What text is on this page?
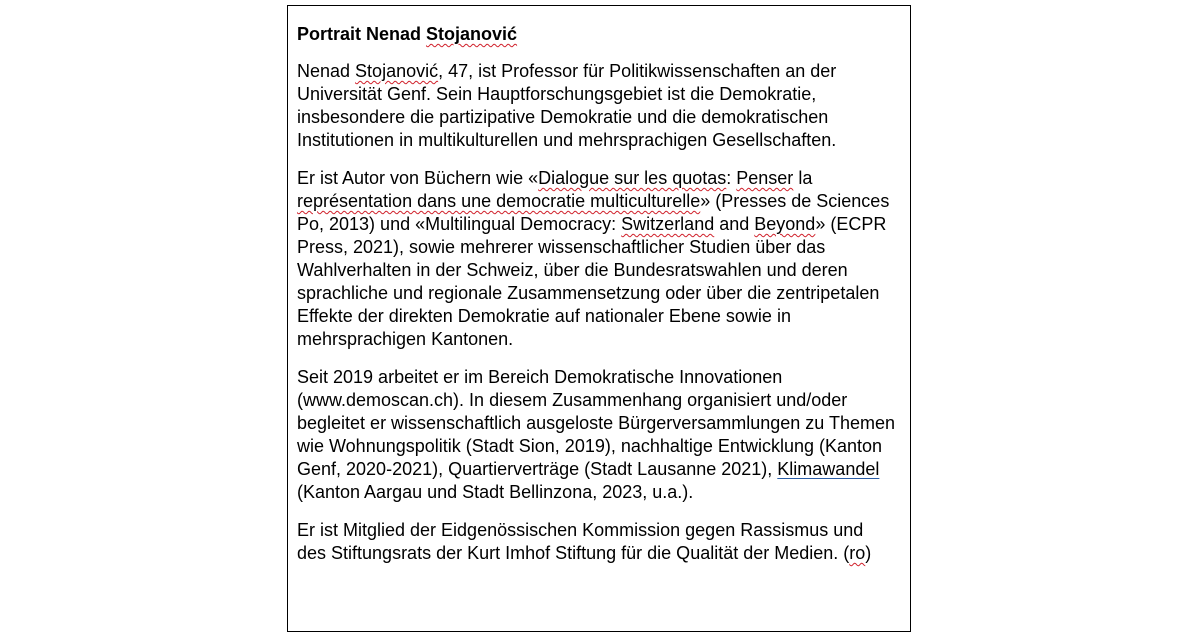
Portrait Nenad Stojanović
Nenad Stojanović, 47, ist Professor für Politikwissenschaften an der Universität Genf. Sein Hauptforschungsgebiet ist die Demokratie, insbesondere die partizipative Demokratie und die demokratischen Institutionen in multikulturellen und mehrsprachigen Gesellschaften.
Er ist Autor von Büchern wie «Dialogue sur les quotas: Penser la représentation dans une democratie multiculturelle» (Presses de Sciences Po, 2013) und «Multilingual Democracy: Switzerland and Beyond» (ECPR Press, 2021), sowie mehrerer wissenschaftlicher Studien über das Wahlverhalten in der Schweiz, über die Bundesratswahlen und deren sprachliche und regionale Zusammensetzung oder über die zentripetalen Effekte der direkten Demokratie auf nationaler Ebene sowie in mehrsprachigen Kantonen.
Seit 2019 arbeitet er im Bereich Demokratische Innovationen (www.demoscan.ch). In diesem Zusammenhang organisiert und/oder begleitet er wissenschaftlich ausgeloste Bürgerversammlungen zu Themen wie Wohnungspolitik (Stadt Sion, 2019), nachhaltige Entwicklung (Kanton Genf, 2020-2021), Quartierverträge (Stadt Lausanne 2021), Klimawandel (Kanton Aargau und Stadt Bellinzona, 2023, u.a.).
Er ist Mitglied der Eidgenössischen Kommission gegen Rassismus und des Stiftungsrats der Kurt Imhof Stiftung für die Qualität der Medien. (ro)
